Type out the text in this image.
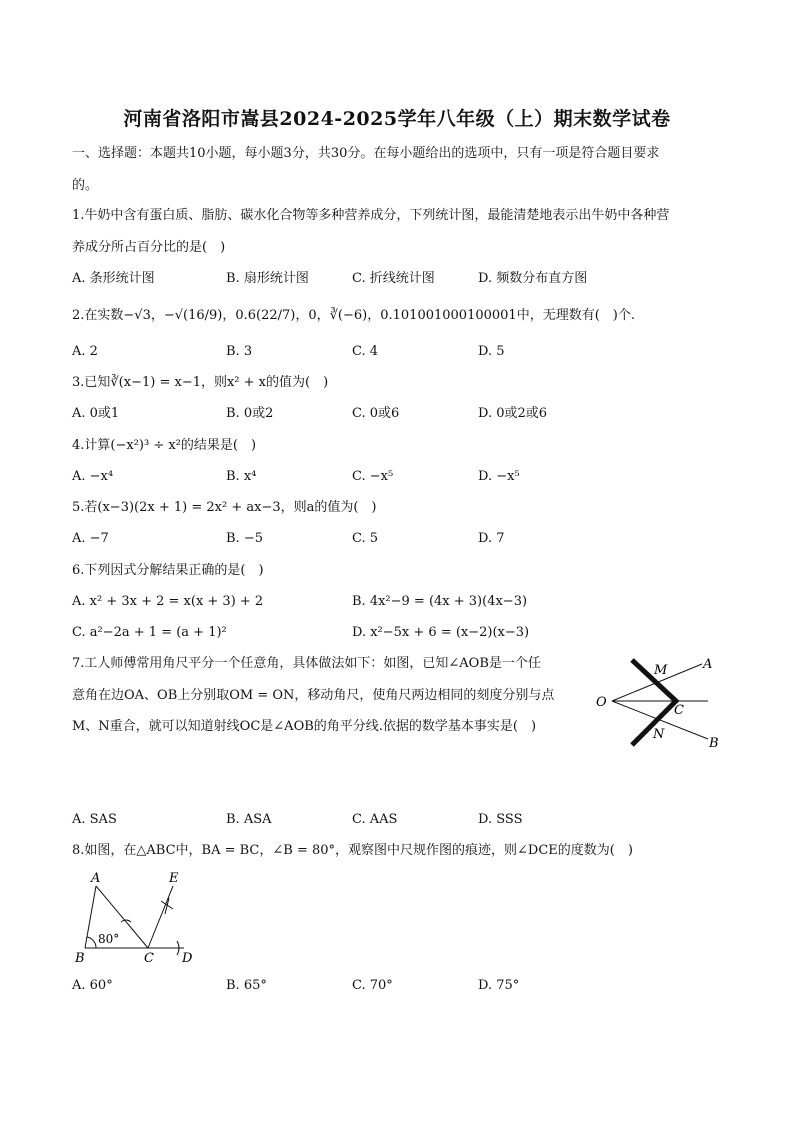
河南省洛阳市嵩县2024-2025学年八年级（上）期末数学试卷
一、选择题：本题共10小题，每小题3分，共30分。在每小题给出的选项中，只有一项是符合题目要求
的。
1.牛奶中含有蛋白质、脂肪、碳水化合物等多种营养成分，下列统计图，最能清楚地表示出牛奶中各种营
养成分所占百分比的是(　)
A. 条形统计图	B. 扇形统计图	C. 折线统计图	D. 频数分布直方图
2.在实数−√3，−√(16/9)，0.6(22/7)，0，∛(−6)，0.101001000100001中，无理数有(　)个.
A. 2	B. 3	C. 4	D. 5
3.已知∛(x−1) = x−1，则x² + x的值为(　)
A. 0或1	B. 0或2	C. 0或6	D. 0或2或6
4.计算(−x²)³ ÷ x²的结果是(　)
A. −x⁴	B. x⁴	C. −x⁵	D. −x⁵
5.若(x−3)(2x + 1) = 2x² + ax−3，则a的值为(　)
A. −7	B. −5	C. 5	D. 7
6.下列因式分解结果正确的是(　)
A. x² + 3x + 2 = x(x + 3) + 2	B. 4x²−9 = (4x + 3)(4x−3)
C. a²−2a + 1 = (a + 1)²	D. x²−5x + 6 = (x−2)(x−3)
7.工人师傅常用角尺平分一个任意角，具体做法如下：如图，已知∠AOB是一个任
意角在边OA、OB上分别取OM = ON，移动角尺，使角尺两边相同的刻度分别与点
M、N重合，就可以知道射线OC是∠AOB的角平分线.依据的数学基本事实是(　)
M	A
O
C
N
B
A. SAS	B. ASA	C. AAS	D. SSS
8.如图，在△ABC中，BA = BC，∠B = 80°，观察图中尺规作图的痕迹，则∠DCE的度数为(　)
A	E
B	C D
80°
A. 60°	B. 65°	C. 70°	D. 75°
